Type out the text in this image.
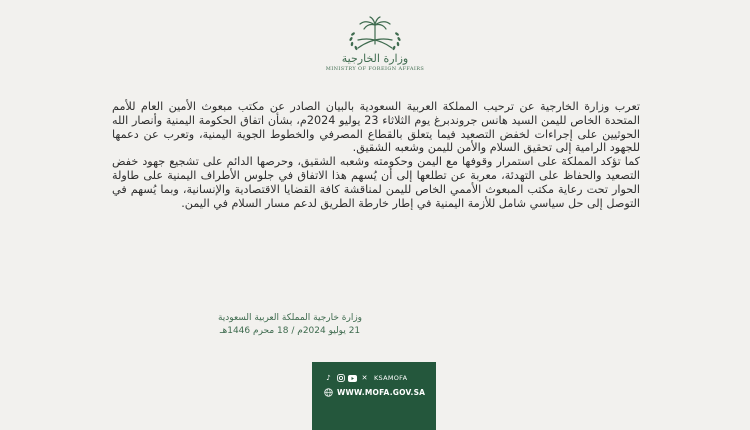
وزارة الخارجية
MINISTRY OF FOREIGN AFFAIRS

تعرب وزارة الخارجية عن ترحيب المملكة العربية السعودية بالبيان الصادر عن مكتب مبعوث الأمين العام للأمم المتحدة الخاص لليمن السيد هانس جروندبرغ يوم الثلاثاء 23 يوليو 2024م، بشأن اتفاق الحكومة اليمنية وأنصار الله الحوثيين على إجراءات لخفض التصعيد فيما يتعلق بالقطاع المصرفي والخطوط الجوية اليمنية، وتعرب عن دعمها للجهود الرامية إلى تحقيق السلام والأمن لليمن وشعبه الشقيق.

كما تؤكد المملكة على استمرار وقوفها مع اليمن وحكومته وشعبه الشقيق، وحرصها الدائم على تشجيع جهود خفض التصعيد والحفاظ على التهدئة، معربة عن تطلعها إلى أن يُسهم هذا الاتفاق في جلوس الأطراف اليمنية على طاولة الحوار تحت رعاية مكتب المبعوث الأممي الخاص لليمن لمناقشة كافة القضايا الاقتصادية والإنسانية، وبما يُسهم في التوصل إلى حل سياسي شامل للأزمة اليمنية في إطار خارطة الطريق لدعم مسار السلام في اليمن.

وزارة خارجية المملكة العربية السعودية
21 يوليو 2024م / 18 محرم 1446هـ
♪	✕ KSAMOFA
WWW.MOFA.GOV.SA
